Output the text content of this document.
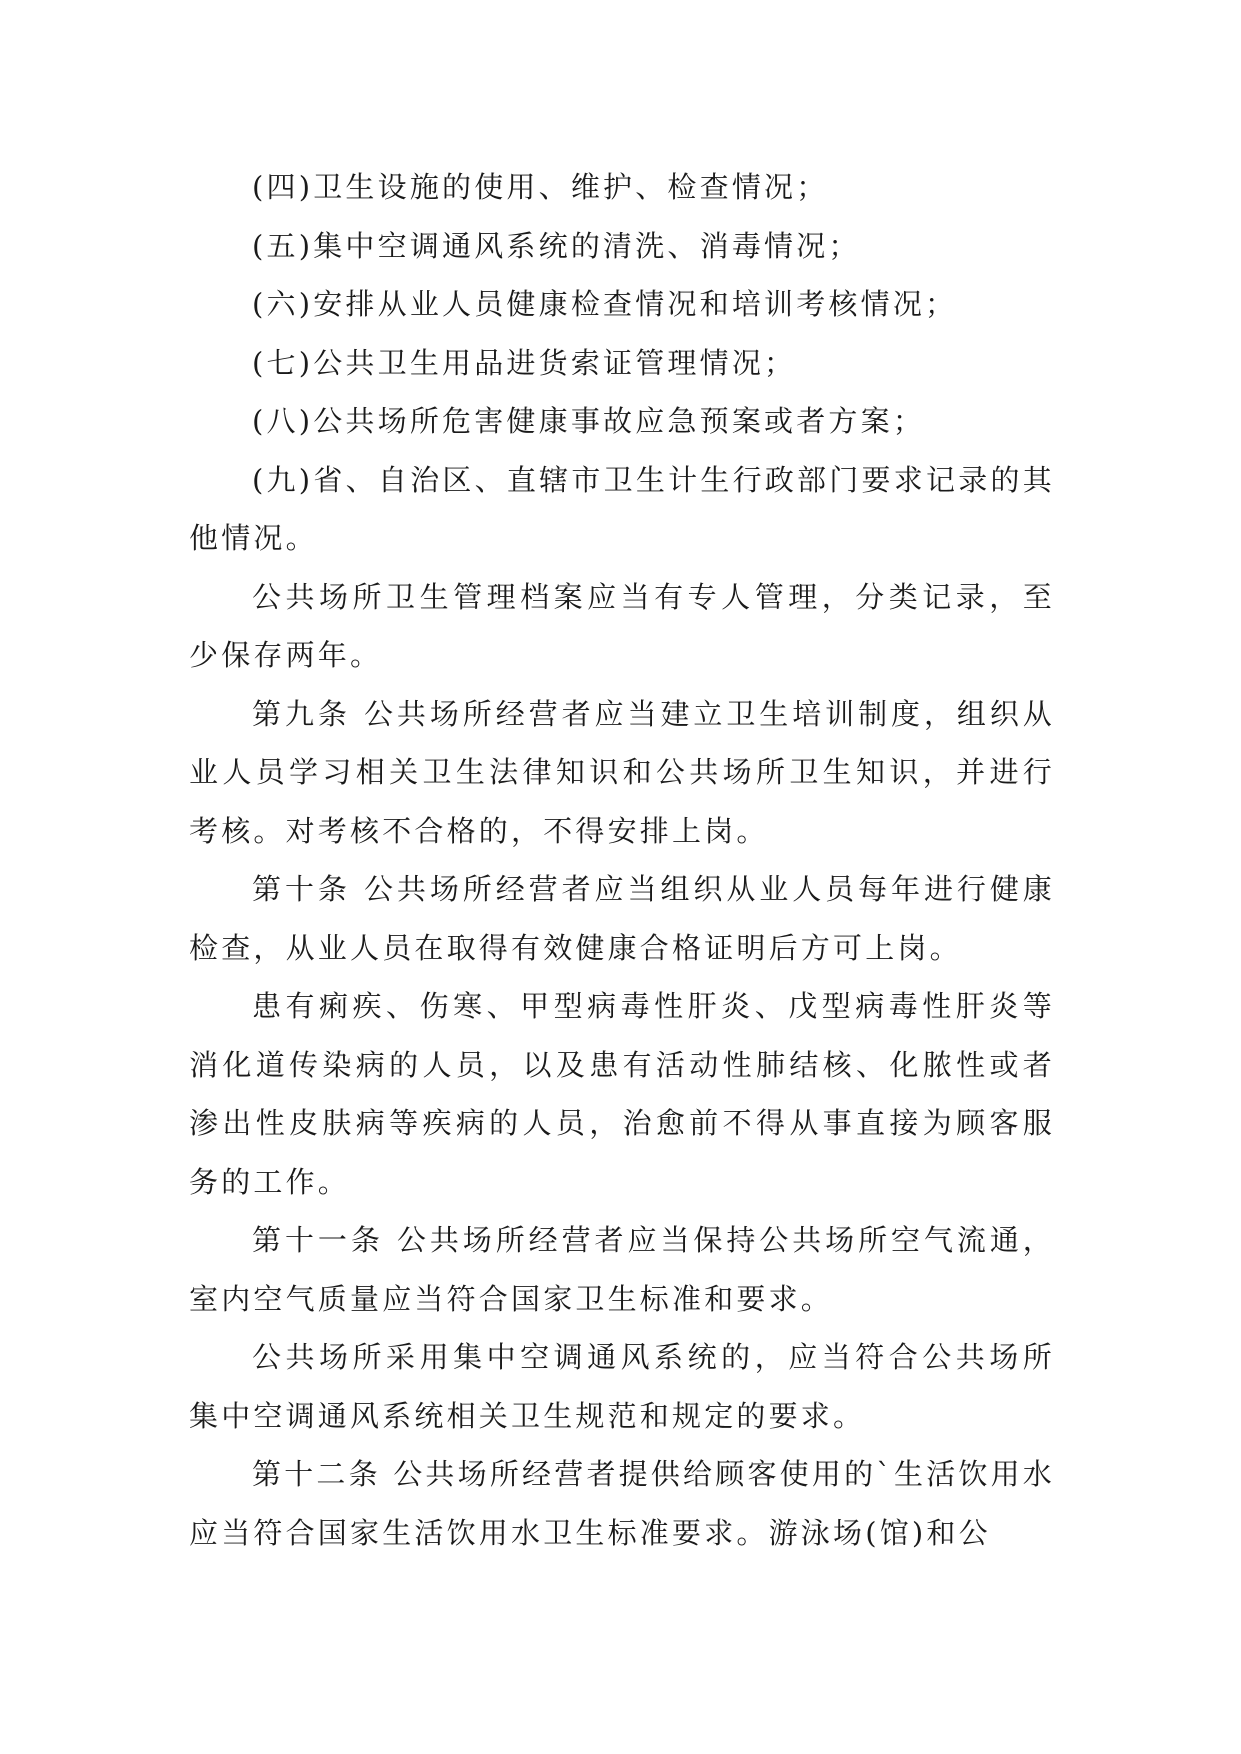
(四)卫生设施的使用、维护、检查情况；

(五)集中空调通风系统的清洗、消毒情况；

(六)安排从业人员健康检查情况和培训考核情况；

(七)公共卫生用品进货索证管理情况；

(八)公共场所危害健康事故应急预案或者方案；

(九)省、自治区、直辖市卫生计生行政部门要求记录的其他情况。

公共场所卫生管理档案应当有专人管理，分类记录，至少保存两年。

第九条 公共场所经营者应当建立卫生培训制度，组织从业人员学习相关卫生法律知识和公共场所卫生知识，并进行考核。对考核不合格的，不得安排上岗。

第十条 公共场所经营者应当组织从业人员每年进行健康检查，从业人员在取得有效健康合格证明后方可上岗。

患有痢疾、伤寒、甲型病毒性肝炎、戊型病毒性肝炎等消化道传染病的人员，以及患有活动性肺结核、化脓性或者渗出性皮肤病等疾病的人员，治愈前不得从事直接为顾客服务的工作。

第十一条 公共场所经营者应当保持公共场所空气流通，室内空气质量应当符合国家卫生标准和要求。

公共场所采用集中空调通风系统的，应当符合公共场所集中空调通风系统相关卫生规范和规定的要求。

第十二条 公共场所经营者提供给顾客使用的`生活饮用水应当符合国家生活饮用水卫生标准要求。游泳场(馆)和公
